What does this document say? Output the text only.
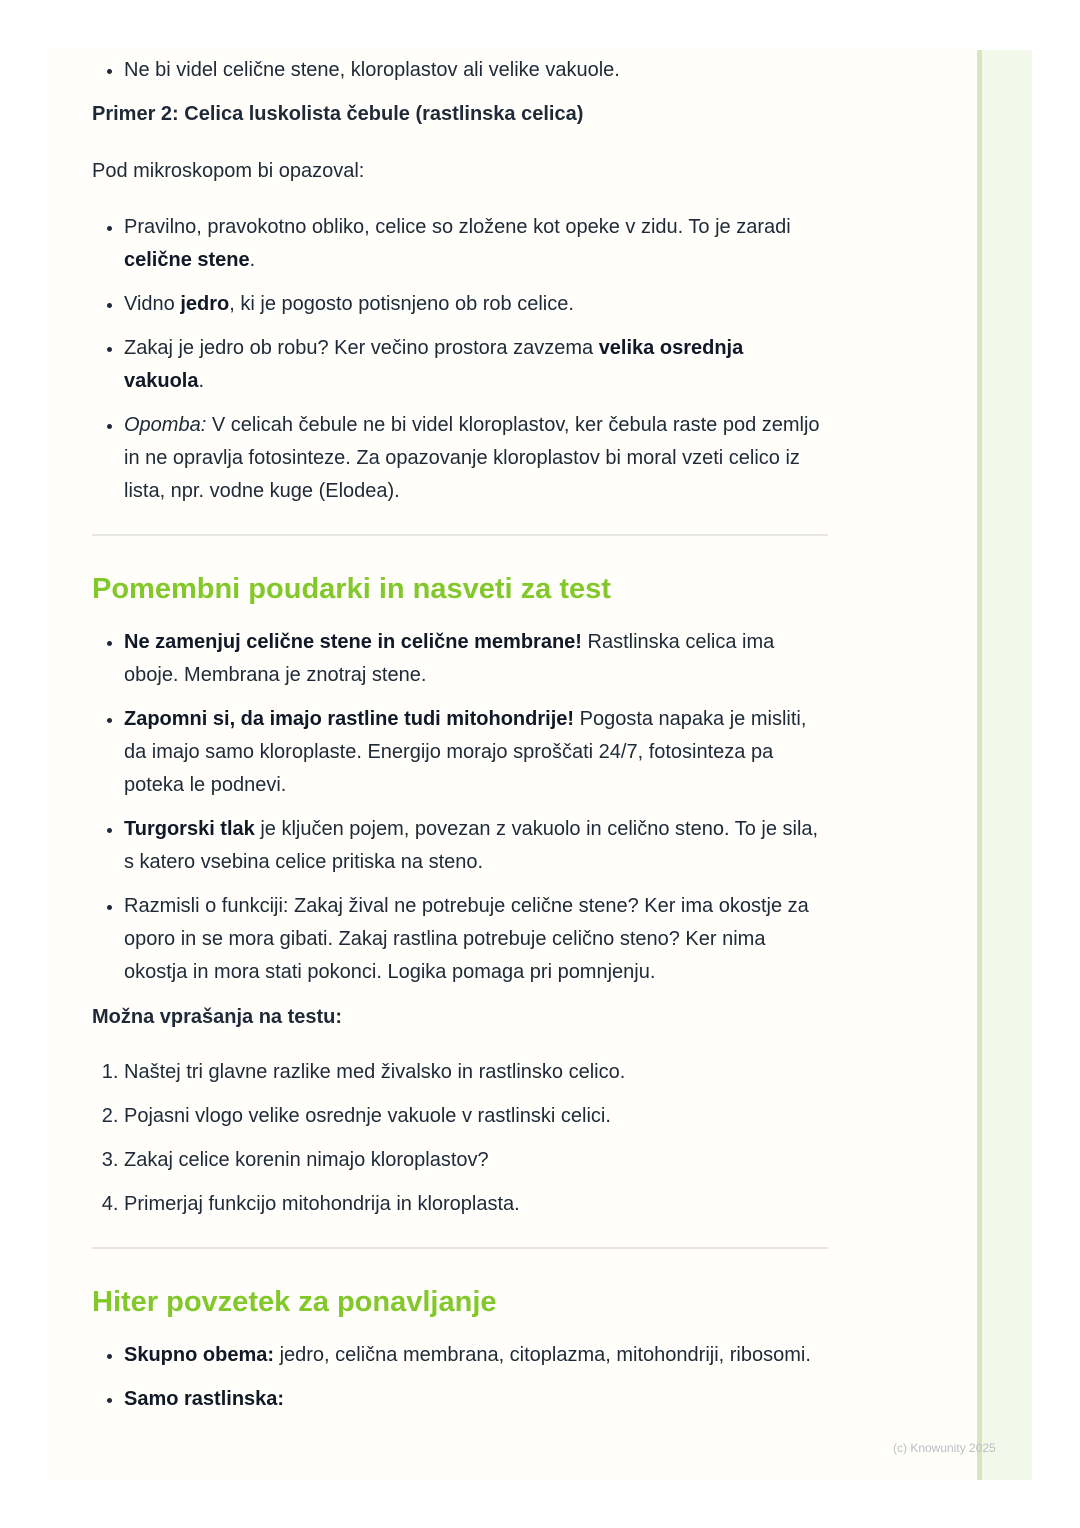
• Ne bi videl celične stene, kloroplastov ali velike vakuole.

Primer 2: Celica luskolista čebule (rastlinska celica)

Pod mikroskopom bi opazoval:

• Pravilno, pravokotno obliko, celice so zložene kot opeke v zidu. To je zaradi celične stene.
• Vidno jedro, ki je pogosto potisnjeno ob rob celice.
• Zakaj je jedro ob robu? Ker večino prostora zavzema velika osrednja vakuola.
• Opomba: V celicah čebule ne bi videl kloroplastov, ker čebula raste pod zemljo in ne opravlja fotosinteze. Za opazovanje kloroplastov bi moral vzeti celico iz lista, npr. vodne kuge (Elodea).
Pomembni poudarki in nasveti za test
• Ne zamenjuj celične stene in celične membrane! Rastlinska celica ima oboje. Membrana je znotraj stene.
• Zapomni si, da imajo rastline tudi mitohondrije! Pogosta napaka je misliti, da imajo samo kloroplaste. Energijo morajo sproščati 24/7, fotosinteza pa poteka le podnevi.
• Turgorski tlak je ključen pojem, povezan z vakuolo in celično steno. To je sila, s katero vsebina celice pritiska na steno.
• Razmisli o funkciji: Zakaj žival ne potrebuje celične stene? Ker ima okostje za oporo in se mora gibati. Zakaj rastlina potrebuje celično steno? Ker nima okostja in mora stati pokonci. Logika pomaga pri pomnjenju.

Možna vprašanja na testu:

1. Naštej tri glavne razlike med živalsko in rastlinsko celico.
2. Pojasni vlogo velike osrednje vakuole v rastlinski celici.
3. Zakaj celice korenin nimajo kloroplastov?
4. Primerjaj funkcijo mitohondrija in kloroplasta.
Hiter povzetek za ponavljanje
• Skupno obema: jedro, celična membrana, citoplazma, mitohondriji, ribosomi.
• Samo rastlinska:
(c) Knowunity 2025
